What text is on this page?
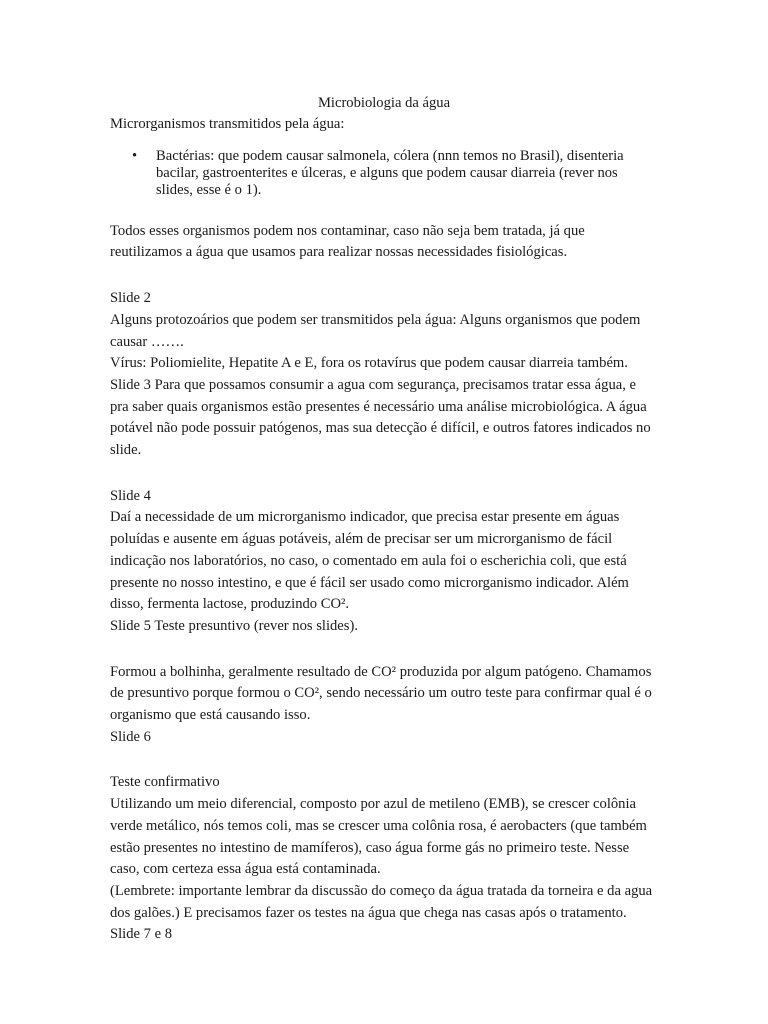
Microbiologia da água

Microrganismos transmitidos pela água:

• Bactérias: que podem causar salmonela, cólera (nnn temos no Brasil), disenteria bacilar, gastroenterites e úlceras, e alguns que podem causar diarreia (rever nos slides, esse é o 1).

Todos esses organismos podem nos contaminar, caso não seja bem tratada, já que reutilizamos a água que usamos para realizar nossas necessidades fisiológicas.

Slide 2

Alguns protozoários que podem ser transmitidos pela água: Alguns organismos que podem causar …….

Vírus: Poliomielite, Hepatite A e E, fora os rotavírus que podem causar diarreia também.

Slide 3 Para que possamos consumir a agua com segurança, precisamos tratar essa água, e pra saber quais organismos estão presentes é necessário uma análise microbiológica. A água potável não pode possuir patógenos, mas sua detecção é difícil, e outros fatores indicados no slide.

Slide 4

Daí a necessidade de um microrganismo indicador, que precisa estar presente em águas poluídas e ausente em águas potáveis, além de precisar ser um microrganismo de fácil indicação nos laboratórios, no caso, o comentado em aula foi o escherichia coli, que está presente no nosso intestino, e que é fácil ser usado como microrganismo indicador. Além disso, fermenta lactose, produzindo CO².

Slide 5 Teste presuntivo (rever nos slides).

Formou a bolhinha, geralmente resultado de CO² produzida por algum patógeno. Chamamos de presuntivo porque formou o CO², sendo necessário um outro teste para confirmar qual é o organismo que está causando isso.

Slide 6

Teste confirmativo

Utilizando um meio diferencial, composto por azul de metileno (EMB), se crescer colônia verde metálico, nós temos coli, mas se crescer uma colônia rosa, é aerobacters (que também estão presentes no intestino de mamíferos), caso água forme gás no primeiro teste. Nesse caso, com certeza essa água está contaminada.

(Lembrete: importante lembrar da discussão do começo da água tratada da torneira e da agua dos galões.) E precisamos fazer os testes na água que chega nas casas após o tratamento.

Slide 7 e 8
